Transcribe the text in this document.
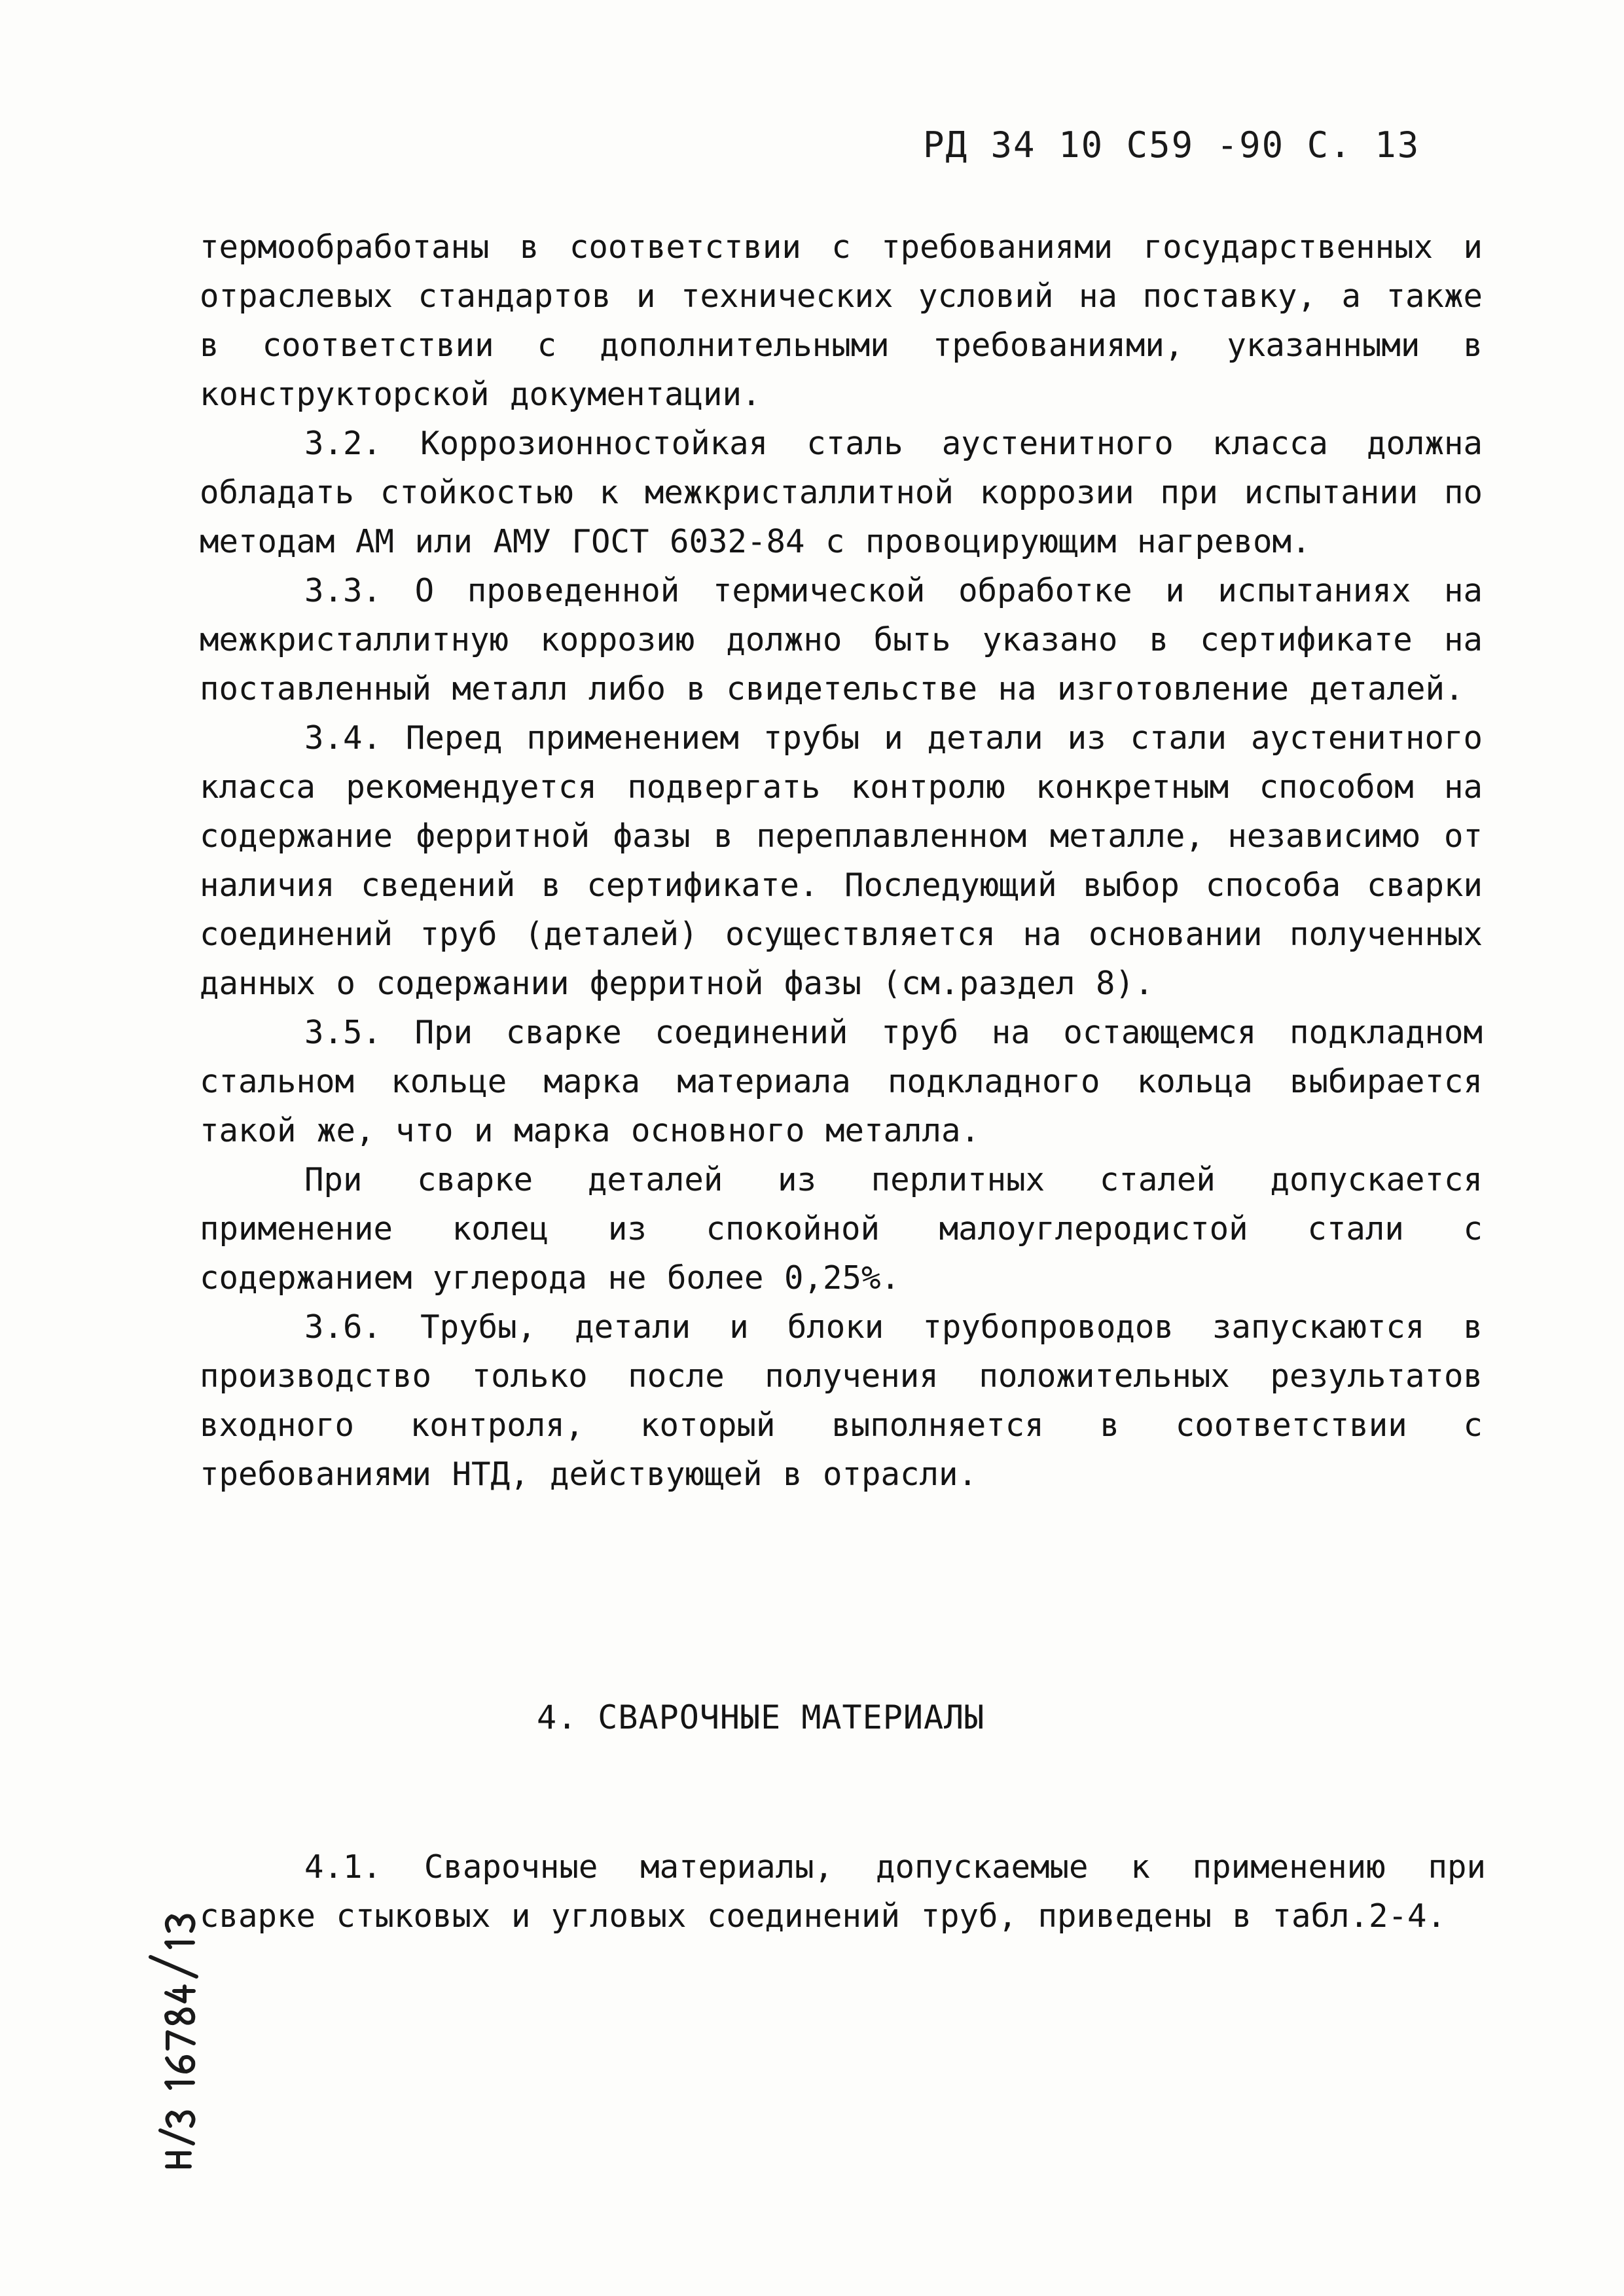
РД 34 10 С59 -90 С. 13

термообработаны в соответствии с требованиями государственных и отраслевых стандартов и технических условий на поставку, а также в соответствии с дополнительными требованиями, указанными в конструкторской документации.

3.2. Коррозионностойкая сталь аустенитного класса должна обладать стойкостью к межкристаллитной коррозии при испытании по методам АМ или АМУ ГОСТ 6032-84 с провоцирующим нагревом.

3.3. О проведенной термической обработке и испытаниях на межкристаллитную коррозию должно быть указано в сертификате на поставленный металл либо в свидетельстве на изготовление деталей.

3.4. Перед применением трубы и детали из стали аустенитного класса рекомендуется подвергать контролю конкретным способом на содержание ферритной фазы в переплавленном металле, независимо от наличия сведений в сертификате. Последующий выбор способа сварки соединений труб (деталей) осуществляется на основании полученных данных о содержании ферритной фазы (см.раздел 8).

3.5. При сварке соединений труб на остающемся подкладном стальном кольце марка материала подкладного кольца выбирается такой же, что и марка основного металла.

При сварке деталей из перлитных сталей допускается применение колец из спокойной малоуглеродистой стали с содержанием углерода не более 0,25%.

3.6. Трубы, детали и блоки трубопроводов запускаются в производство только после получения положительных результатов входного контроля, который выполняется в соответствии с требованиями НТД, действующей в отрасли.

4. СВАРОЧНЫЕ МАТЕРИАЛЫ

4.1. Сварочные материалы, допускаемые к применению при сварке стыковых и угловых соединений труб, приведены в табл.2-4.
